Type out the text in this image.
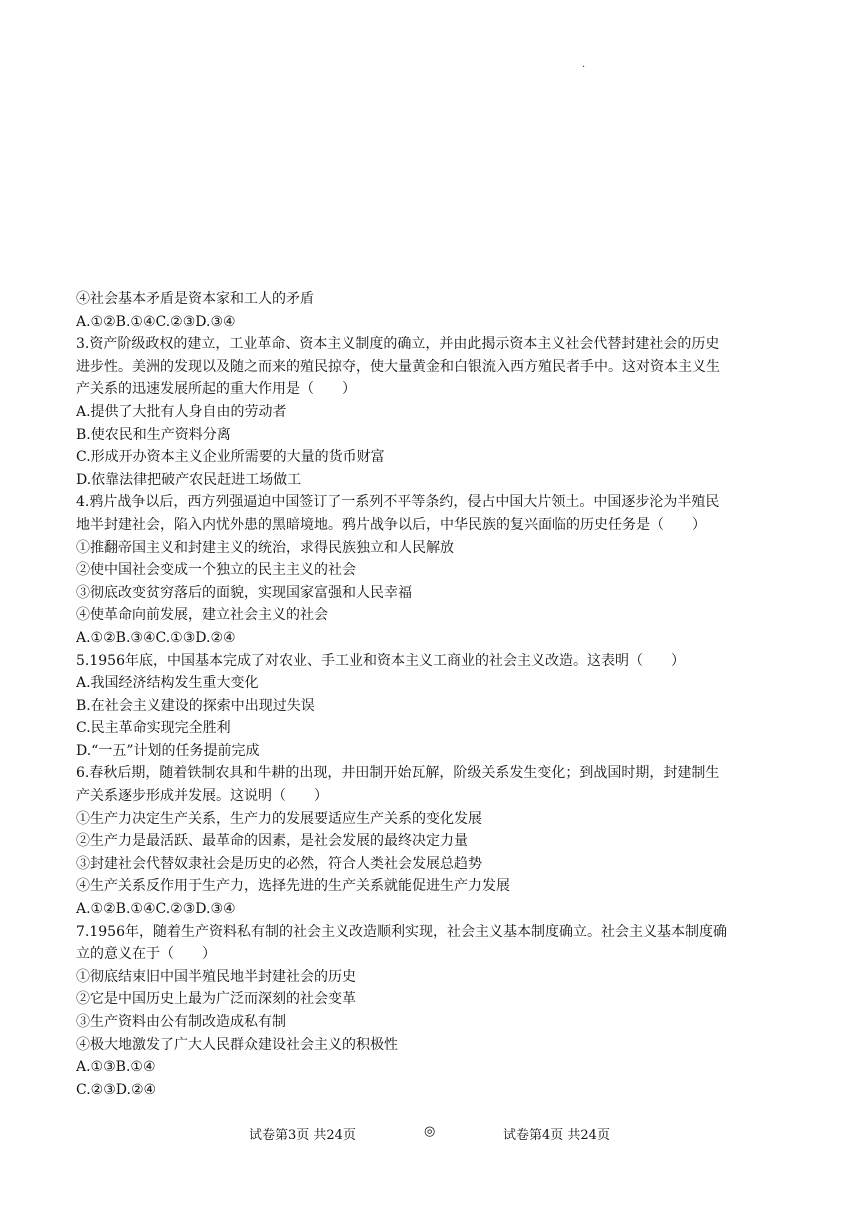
·
④社会基本矛盾是资本家和工人的矛盾
A.①②B.①④C.②③D.③④
3.资产阶级政权的建立，工业革命、资本主义制度的确立，并由此揭示资本主义社会代替封建社会的历史
进步性。美洲的发现以及随之而来的殖民掠夺，使大量黄金和白银流入西方殖民者手中。这对资本主义生
产关系的迅速发展所起的重大作用是（　　）
A.提供了大批有人身自由的劳动者
B.使农民和生产资料分离
C.形成开办资本主义企业所需要的大量的货币财富
D.依靠法律把破产农民赶进工场做工
4.鸦片战争以后，西方列强逼迫中国签订了一系列不平等条约，侵占中国大片领土。中国逐步沦为半殖民
地半封建社会，陷入内忧外患的黑暗境地。鸦片战争以后，中华民族的复兴面临的历史任务是（　　）
①推翻帝国主义和封建主义的统治，求得民族独立和人民解放
②使中国社会变成一个独立的民主主义的社会
③彻底改变贫穷落后的面貌，实现国家富强和人民幸福
④使革命向前发展，建立社会主义的社会
A.①②B.③④C.①③D.②④
5.1956年底，中国基本完成了对农业、手工业和资本主义工商业的社会主义改造。这表明（　　）
A.我国经济结构发生重大变化
B.在社会主义建设的探索中出现过失误
C.民主革命实现完全胜利
D.“一五”计划的任务提前完成
6.春秋后期，随着铁制农具和牛耕的出现，井田制开始瓦解，阶级关系发生变化；到战国时期，封建制生
产关系逐步形成并发展。这说明（　　）
①生产力决定生产关系，生产力的发展要适应生产关系的变化发展
②生产力是最活跃、最革命的因素，是社会发展的最终决定力量
③封建社会代替奴隶社会是历史的必然，符合人类社会发展总趋势
④生产关系反作用于生产力，选择先进的生产关系就能促进生产力发展
A.①②B.①④C.②③D.③④
7.1956年，随着生产资料私有制的社会主义改造顺利实现，社会主义基本制度确立。社会主义基本制度确
立的意义在于（　　）
①彻底结束旧中国半殖民地半封建社会的历史
②它是中国历史上最为广泛而深刻的社会变革
③生产资料由公有制改造成私有制
④极大地激发了广大人民群众建设社会主义的积极性
A.①③B.①④
C.②③D.②④
试卷第3页 共24页	◎	试卷第4页 共24页
